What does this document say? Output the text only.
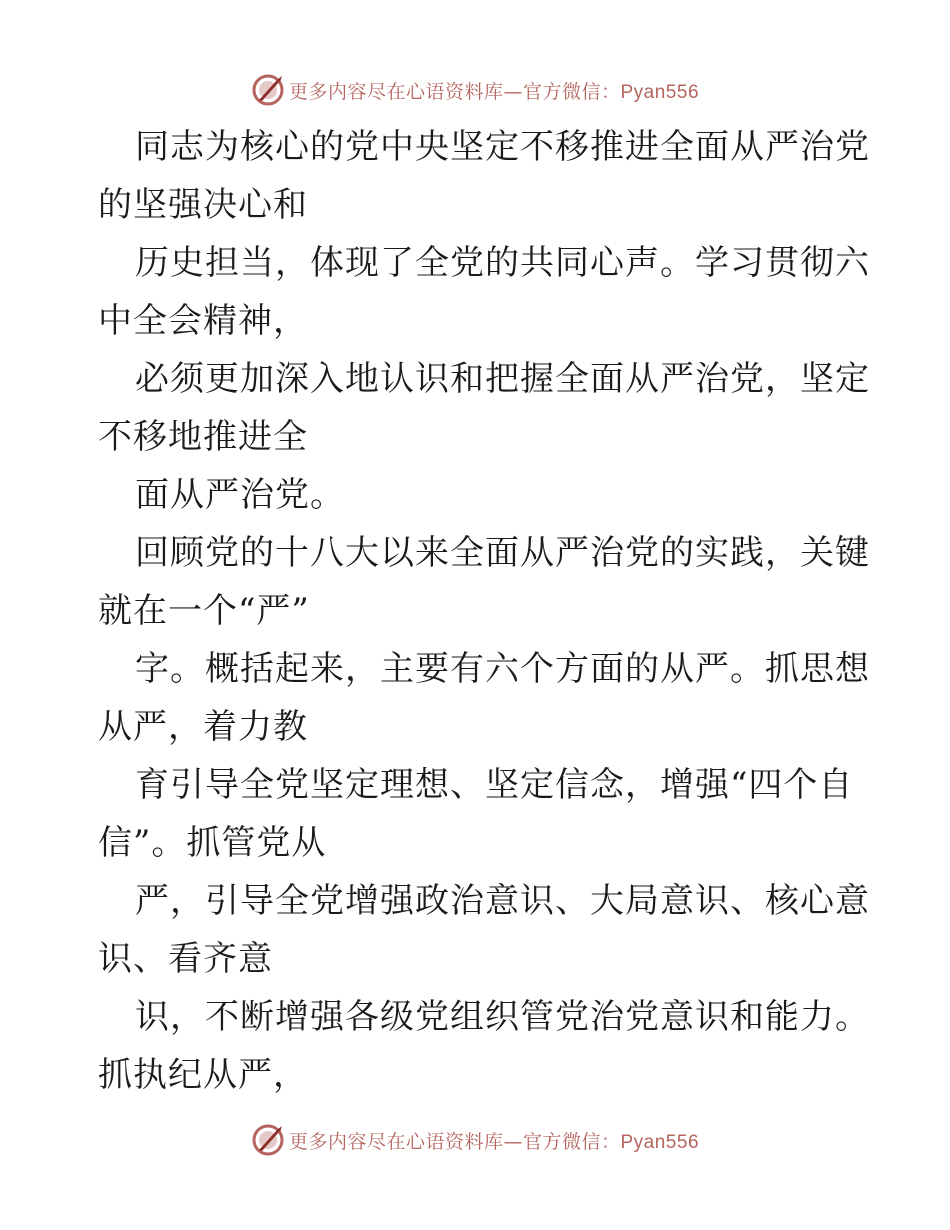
更多内容尽在心语资料库—官方微信：Pyan556
同志为核心的党中央坚定不移推进全面从严治党
的坚强决心和
历史担当，体现了全党的共同心声。学习贯彻六
中全会精神，
必须更加深入地认识和把握全面从严治党，坚定
不移地推进全
面从严治党。
回顾党的十八大以来全面从严治党的实践，关键
就在一个“严”
字。概括起来，主要有六个方面的从严。抓思想
从严，着力教
育引导全党坚定理想、坚定信念，增强“四个自
信”。抓管党从
严，引导全党增强政治意识、大局意识、核心意
识、看齐意
识，不断增强各级党组织管党治党意识和能力。
抓执纪从严，
更多内容尽在心语资料库—官方微信：Pyan556
